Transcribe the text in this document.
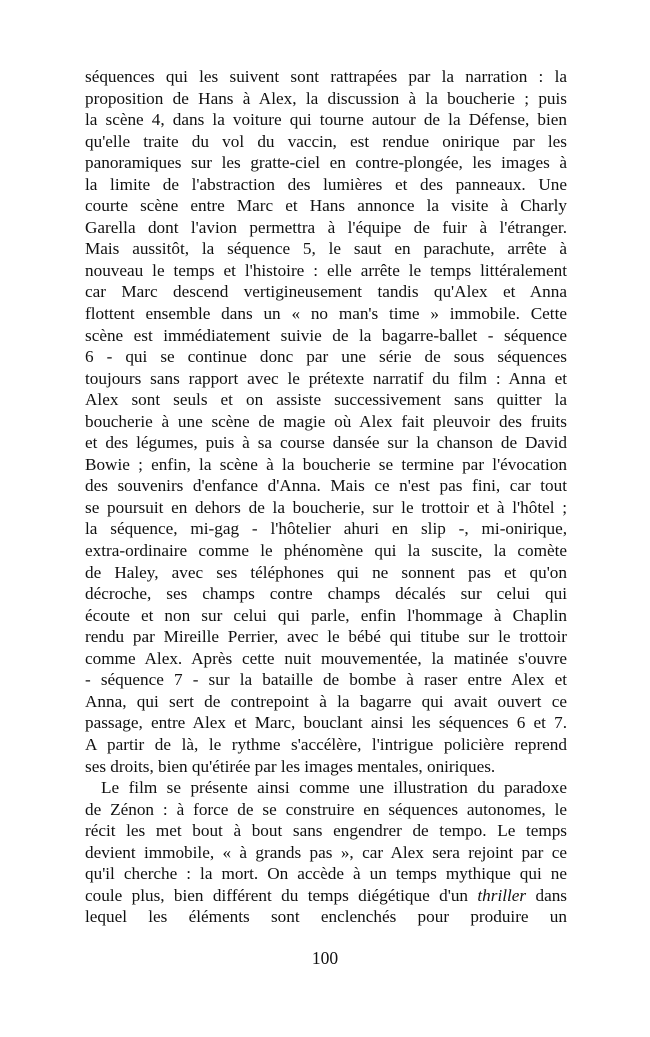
séquences qui les suivent sont rattrapées par la narration : la
proposition de Hans à Alex, la discussion à la boucherie ; puis
la scène 4, dans la voiture qui tourne autour de la Défense, bien
qu'elle traite du vol du vaccin, est rendue onirique par les
panoramiques sur les gratte-ciel en contre-plongée, les images à
la limite de l'abstraction des lumières et des panneaux. Une
courte scène entre Marc et Hans annonce la visite à Charly
Garella dont l'avion permettra à l'équipe de fuir à l'étranger.
Mais aussitôt, la séquence 5, le saut en parachute, arrête à
nouveau le temps et l'histoire : elle arrête le temps littéralement
car Marc descend vertigineusement tandis qu'Alex et Anna
flottent ensemble dans un « no man's time » immobile. Cette
scène est immédiatement suivie de la bagarre-ballet - séquence
6 - qui se continue donc par une série de sous séquences
toujours sans rapport avec le prétexte narratif du film : Anna et
Alex sont seuls et on assiste successivement sans quitter la
boucherie à une scène de magie où Alex fait pleuvoir des fruits
et des légumes, puis à sa course dansée sur la chanson de David
Bowie ; enfin, la scène à la boucherie se termine par l'évocation
des souvenirs d'enfance d'Anna. Mais ce n'est pas fini, car tout
se poursuit en dehors de la boucherie, sur le trottoir et à l'hôtel ;
la séquence, mi-gag - l'hôtelier ahuri en slip -, mi-onirique,
extra-ordinaire comme le phénomène qui la suscite, la comète
de Haley, avec ses téléphones qui ne sonnent pas et qu'on
décroche, ses champs contre champs décalés sur celui qui
écoute et non sur celui qui parle, enfin l'hommage à Chaplin
rendu par Mireille Perrier, avec le bébé qui titube sur le trottoir
comme Alex. Après cette nuit mouvementée, la matinée s'ouvre
- séquence 7 - sur la bataille de bombe à raser entre Alex et
Anna, qui sert de contrepoint à la bagarre qui avait ouvert ce
passage, entre Alex et Marc, bouclant ainsi les séquences 6 et 7.
A partir de là, le rythme s'accélère, l'intrigue policière reprend
ses droits, bien qu'étirée par les images mentales, oniriques.
Le film se présente ainsi comme une illustration du paradoxe
de Zénon : à force de se construire en séquences autonomes, le
récit les met bout à bout sans engendrer de tempo. Le temps
devient immobile, « à grands pas », car Alex sera rejoint par ce
qu'il cherche : la mort. On accède à un temps mythique qui ne
coule plus, bien différent du temps diégétique d'un thriller dans
lequel les éléments sont enclenchés pour produire un
100
